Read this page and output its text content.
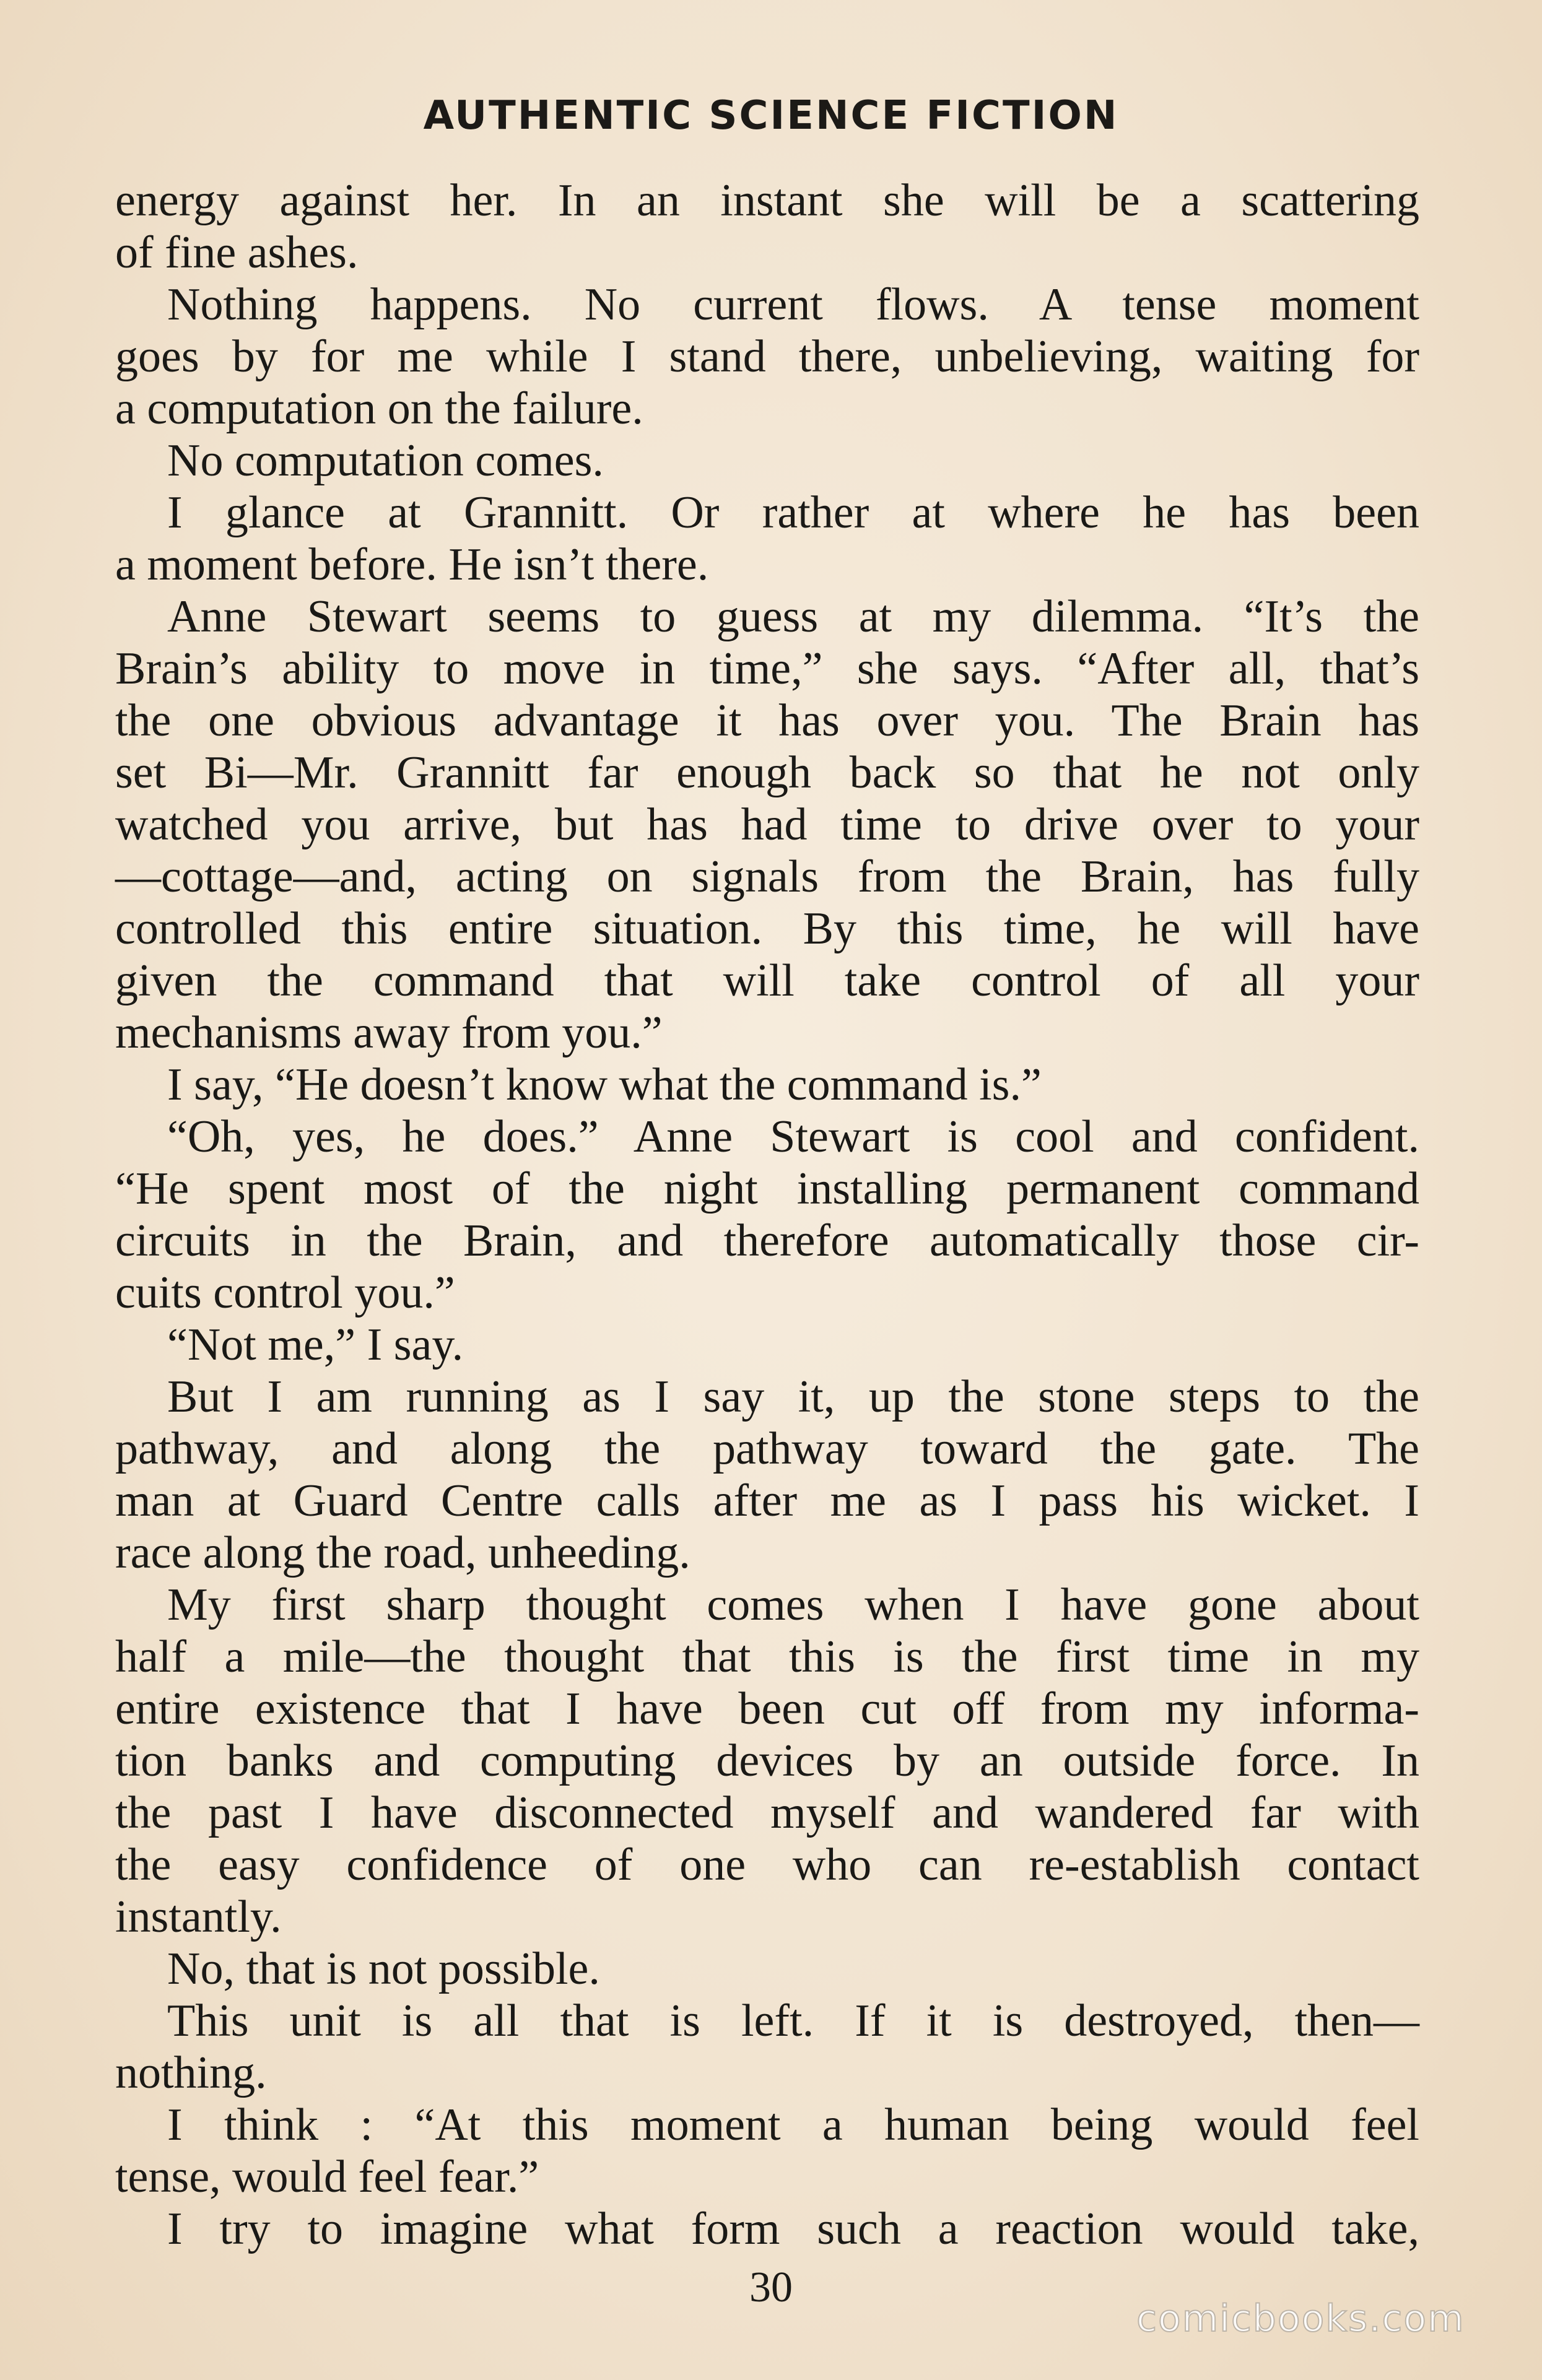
AUTHENTIC SCIENCE FICTION
energy against her. In an instant she will be a scattering
of fine ashes.
Nothing happens. No current flows. A tense moment
goes by for me while I stand there, unbelieving, waiting for
a computation on the failure.
No computation comes.
I glance at Grannitt. Or rather at where he has been
a moment before. He isn’t there.
Anne Stewart seems to guess at my dilemma. “It’s the
Brain’s ability to move in time,” she says. “After all, that’s
the one obvious advantage it has over you. The Brain has
set Bi—Mr. Grannitt far enough back so that he not only
watched you arrive, but has had time to drive over to your
—cottage—and, acting on signals from the Brain, has fully
controlled this entire situation. By this time, he will have
given the command that will take control of all your
mechanisms away from you.”
I say, “He doesn’t know what the command is.”
“Oh, yes, he does.” Anne Stewart is cool and confident.
“He spent most of the night installing permanent command
circuits in the Brain, and therefore automatically those cir-
cuits control you.”
“Not me,” I say.
But I am running as I say it, up the stone steps to the
pathway, and along the pathway toward the gate. The
man at Guard Centre calls after me as I pass his wicket. I
race along the road, unheeding.
My first sharp thought comes when I have gone about
half a mile—the thought that this is the first time in my
entire existence that I have been cut off from my informa-
tion banks and computing devices by an outside force. In
the past I have disconnected myself and wandered far with
the easy confidence of one who can re-establish contact
instantly.
No, that is not possible.
This unit is all that is left. If it is destroyed, then—
nothing.
I think : “At this moment a human being would feel
tense, would feel fear.”
I try to imagine what form such a reaction would take,
30
comicbooks.com
